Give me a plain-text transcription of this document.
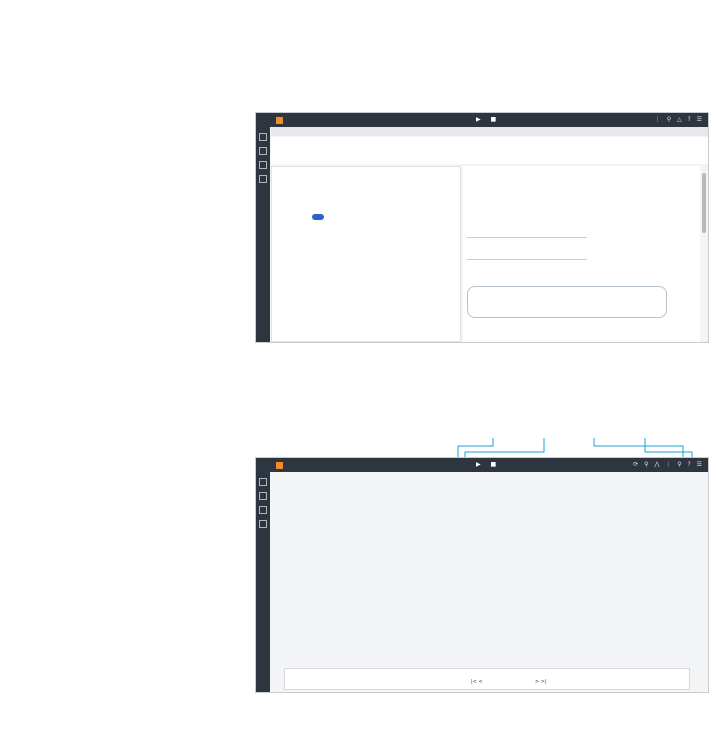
▶ ■	⋮ ⚲ △ ? ☰
▶ ■	⟳ ⚲ ⋀ ⋮ ⚲ ? ☰
|< <	> >|
